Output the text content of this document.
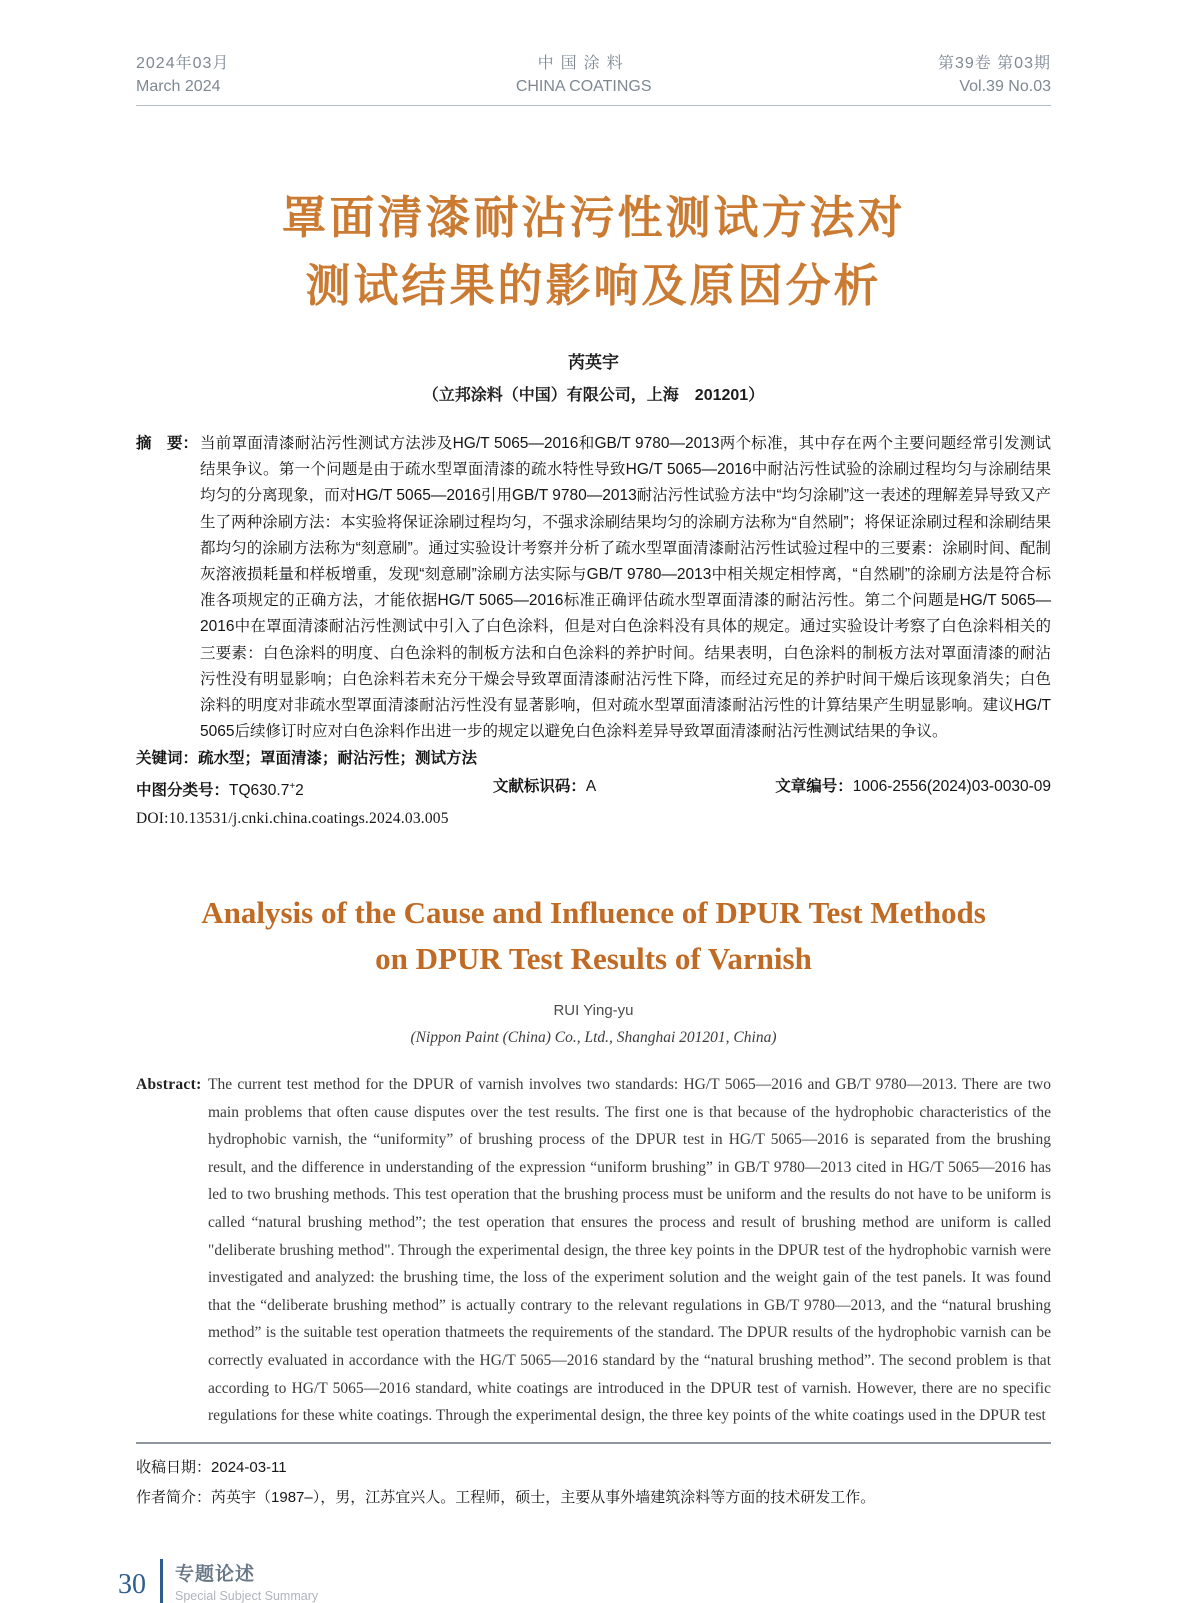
2024年03月
March 2024
中国涂料
CHINA COATINGS
第39卷 第03期
Vol.39 No.03
罩面清漆耐沾污性测试方法对
测试结果的影响及原因分析
芮英宇
（立邦涂料（中国）有限公司，上海　201201）
摘　要： 当前罩面清漆耐沾污性测试方法涉及HG/T 5065—2016和GB/T 9780—2013两个标准，其中存在两个主要问题经常引发测试结果争议。第一个问题是由于疏水型罩面清漆的疏水特性导致HG/T 5065—2016中耐沾污性试验的涂刷过程均匀与涂刷结果均匀的分离现象，而对HG/T 5065—2016引用GB/T 9780—2013耐沾污性试验方法中“均匀涂刷”这一表述的理解差异导致又产生了两种涂刷方法：本实验将保证涂刷过程均匀，不强求涂刷结果均匀的涂刷方法称为“自然刷”；将保证涂刷过程和涂刷结果都均匀的涂刷方法称为“刻意刷”。通过实验设计考察并分析了疏水型罩面清漆耐沾污性试验过程中的三要素：涂刷时间、配制灰溶液损耗量和样板增重，发现“刻意刷”涂刷方法实际与GB/T 9780—2013中相关规定相悖离，“自然刷”的涂刷方法是符合标准各项规定的正确方法，才能依据HG/T 5065—2016标准正确评估疏水型罩面清漆的耐沾污性。第二个问题是HG/T 5065—2016中在罩面清漆耐沾污性测试中引入了白色涂料，但是对白色涂料没有具体的规定。通过实验设计考察了白色涂料相关的三要素：白色涂料的明度、白色涂料的制板方法和白色涂料的养护时间。结果表明，白色涂料的制板方法对罩面清漆的耐沾污性没有明显影响；白色涂料若未充分干燥会导致罩面清漆耐沾污性下降，而经过充足的养护时间干燥后该现象消失；白色涂料的明度对非疏水型罩面清漆耐沾污性没有显著影响，但对疏水型罩面清漆耐沾污性的计算结果产生明显影响。建议HG/T 5065后续修订时应对白色涂料作出进一步的规定以避免白色涂料差异导致罩面清漆耐沾污性测试结果的争议。
关键词：疏水型；罩面清漆；耐沾污性；测试方法
中图分类号：TQ630.7+2	文献标识码：A	文章编号：1006-2556(2024)03-0030-09
DOI:10.13531/j.cnki.china.coatings.2024.03.005
Analysis of the Cause and Influence of DPUR Test Methods
on DPUR Test Results of Varnish
RUI Ying-yu
(Nippon Paint (China) Co., Ltd., Shanghai 201201, China)
Abstract: The current test method for the DPUR of varnish involves two standards: HG/T 5065—2016 and GB/T 9780—2013. There are two main problems that often cause disputes over the test results. The first one is that because of the hydrophobic characteristics of the hydrophobic varnish, the “uniformity” of brushing process of the DPUR test in HG/T 5065—2016 is separated from the brushing result, and the difference in understanding of the expression “uniform brushing” in GB/T 9780—2013 cited in HG/T 5065—2016 has led to two brushing methods. This test operation that the brushing process must be uniform and the results do not have to be uniform is called “natural brushing method”; the test operation that ensures the process and result of brushing method are uniform is called "deliberate brushing method". Through the experimental design, the three key points in the DPUR test of the hydrophobic varnish were investigated and analyzed: the brushing time, the loss of the experiment solution and the weight gain of the test panels. It was found that the “deliberate brushing method” is actually contrary to the relevant regulations in GB/T 9780—2013, and the “natural brushing method” is the suitable test operation thatmeets the requirements of the standard. The DPUR results of the hydrophobic varnish can be correctly evaluated in accordance with the HG/T 5065—2016 standard by the “natural brushing method”. The second problem is that according to HG/T 5065—2016 standard, white coatings are introduced in the DPUR test of varnish. However, there are no specific regulations for these white coatings. Through the experimental design, the three key points of the white coatings used in the DPUR test
收稿日期：2024-03-11
作者简介：芮英宇（1987–），男，江苏宜兴人。工程师，硕士，主要从事外墙建筑涂料等方面的技术研发工作。
30 专题论述
Special Subject Summary
